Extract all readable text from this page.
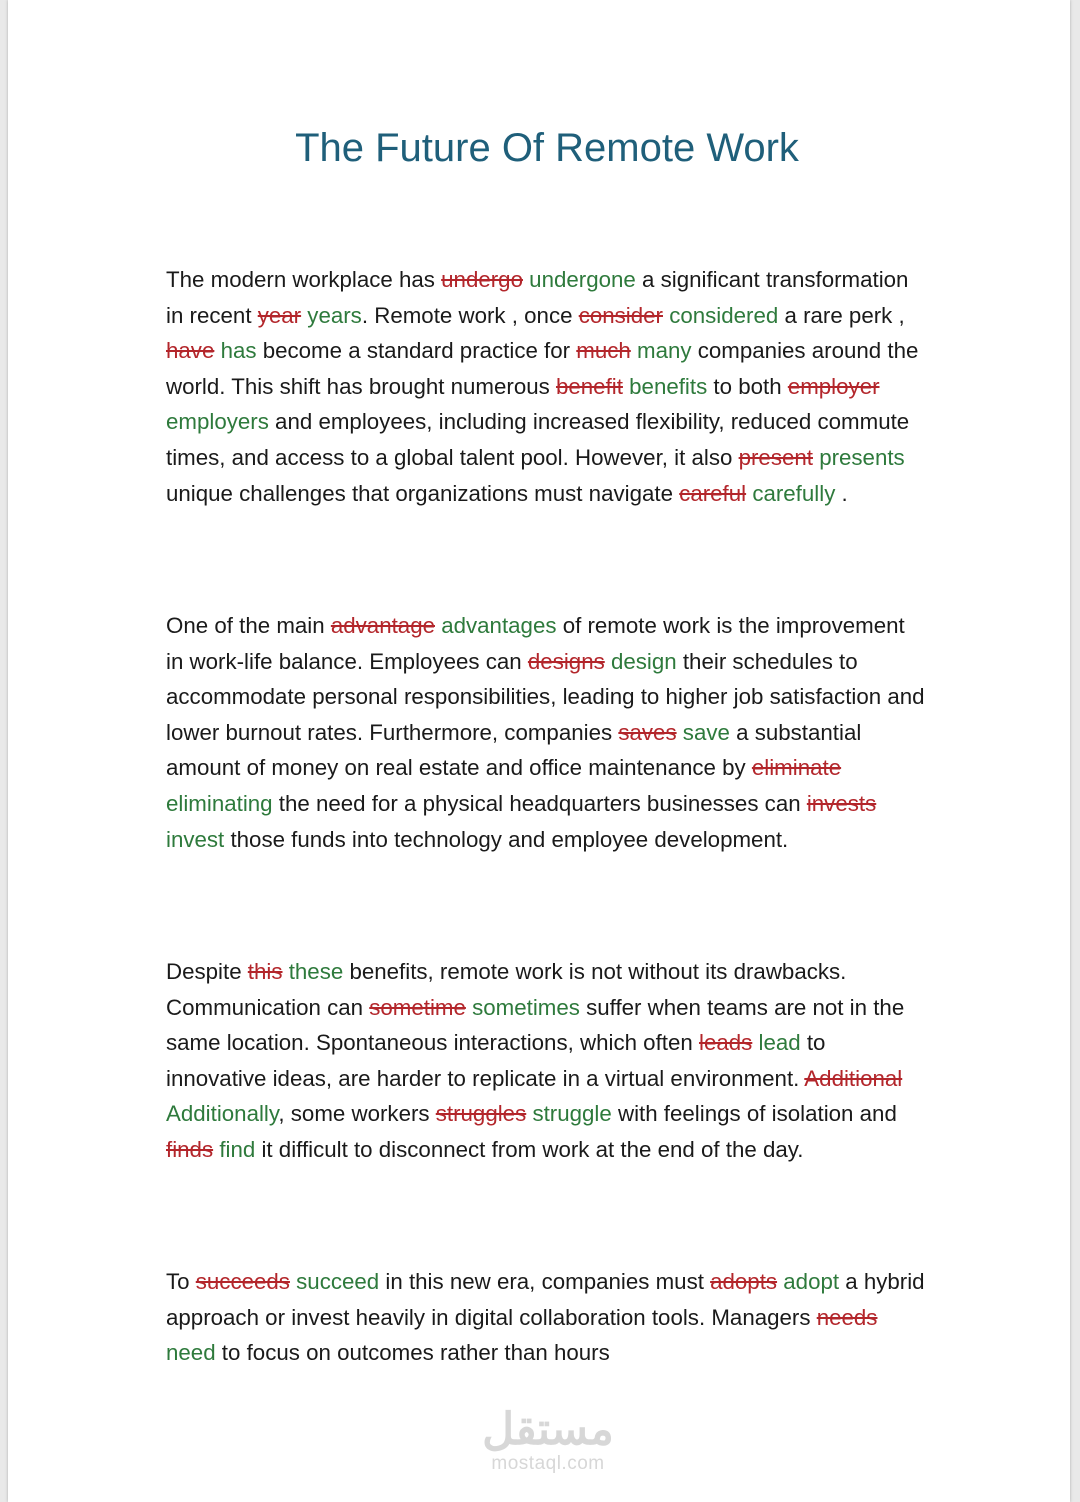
The Future Of Remote Work

The modern workplace has undergo undergone a significant transformation in recent year years. Remote work , once consider considered a rare perk , have has become a standard practice for much many companies around the world. This shift has brought numerous benefit benefits to both employer employers and employees, including increased flexibility, reduced commute times, and access to a global talent pool. However, it also present presents unique challenges that organizations must navigate careful carefully .

One of the main advantage advantages of remote work is the improvement in work-life balance. Employees can designs design their schedules to accommodate personal responsibilities, leading to higher job satisfaction and lower burnout rates. Furthermore, companies saves save a substantial amount of money on real estate and office maintenance by eliminate eliminating the need for a physical headquarters businesses can invests invest those funds into technology and employee development.

Despite this these benefits, remote work is not without its drawbacks. Communication can sometime sometimes suffer when teams are not in the same location. Spontaneous interactions, which often leads lead to innovative ideas, are harder to replicate in a virtual environment. Additional Additionally, some workers struggles struggle with feelings of isolation and finds find it difficult to disconnect from work at the end of the day.

To succeeds succeed in this new era, companies must adopts adopt a hybrid approach or invest heavily in digital collaboration tools. Managers needs need to focus on outcomes rather than hours

مستقل
mostaql.com
